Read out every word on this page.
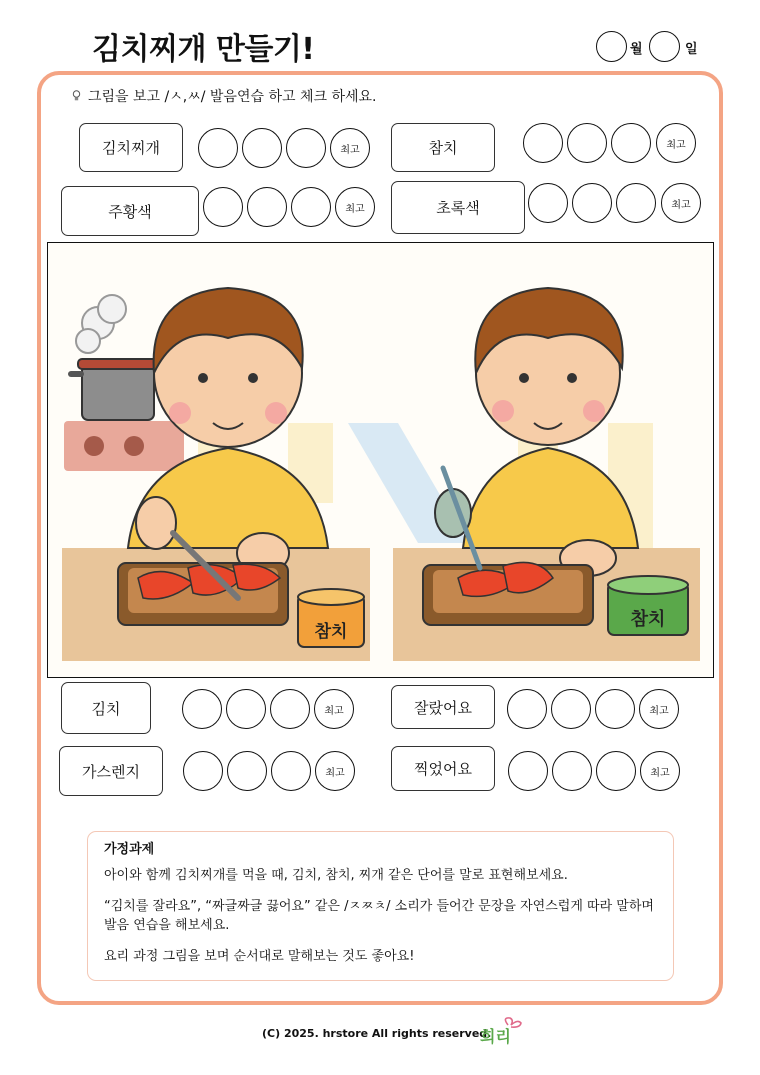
김치찌개 만들기!	월	일
그림을 보고 /ㅅ,ㅆ/ 발음연습 하고 체크 하세요.
김치찌개	최고	참치	최고
주황색	최고	초록색	최고
참치
참치
김치	최고	잘랐어요	최고
가스렌지	최고	찍었어요	최고
가정과제

아이와 함께 김치찌개를 먹을 때, 김치, 참치, 찌개 같은 단어를 말로 표현해보세요.

“김치를 잘라요”, “짜글짜글 끓어요” 같은 /ㅈㅉㅊ/ 소리가 들어간 문장을 자연스럽게 따라 말하며 발음 연습을 해보세요.

요리 과정 그림을 보며 순서대로 말해보는 것도 좋아요!

(C) 2025. hrstore All rights reserved.
희리
